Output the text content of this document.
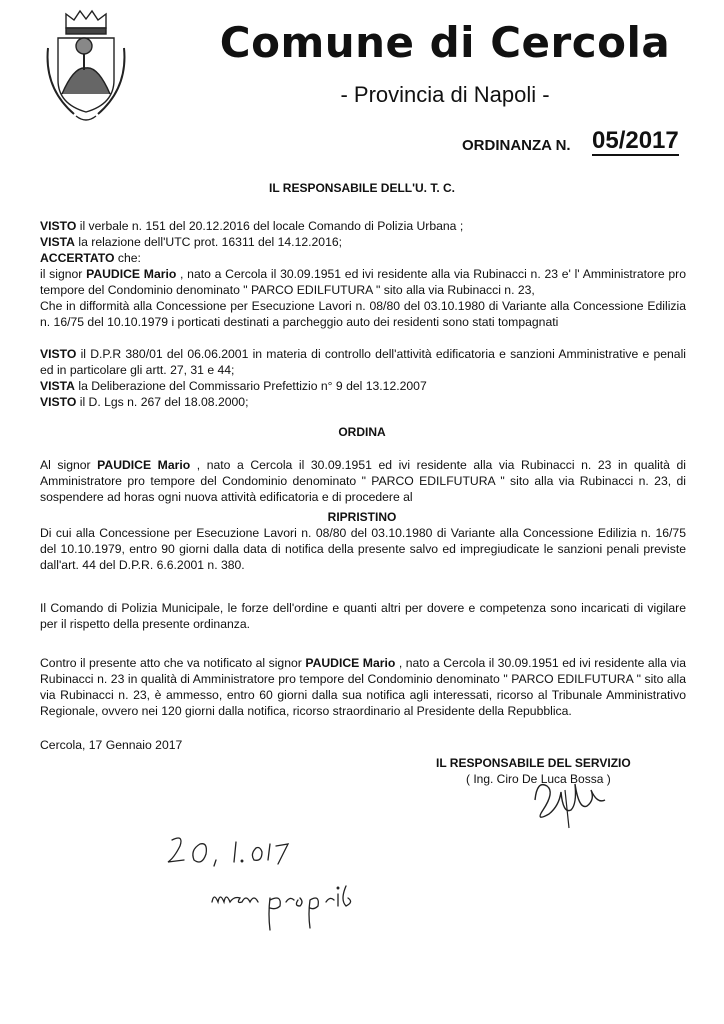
Comune di Cercola
- Provincia di Napoli -
ORDINANZA N. 05/2017
IL RESPONSABILE DELL'U. T. C.

VISTO il verbale n. 151 del 20.12.2016 del locale Comando di Polizia Urbana ;

VISTA la relazione dell'UTC prot. 16311 del 14.12.2016;

ACCERTATO che:

il signor PAUDICE Mario , nato a Cercola il 30.09.1951 ed ivi residente alla via Rubinacci n. 23 e' l' Amministratore pro tempore del Condominio denominato " PARCO EDILFUTURA " sito alla via Rubinacci n. 23,

Che in difformità alla Concessione per Esecuzione Lavori n. 08/80 del 03.10.1980 di Variante alla Concessione Edilizia n. 16/75 del 10.10.1979 i porticati destinati a parcheggio auto dei residenti sono stati tompagnati

VISTO il D.P.R 380/01 del 06.06.2001 in materia di controllo dell'attività edificatoria e sanzioni Amministrative e penali ed in particolare gli artt. 27, 31 e 44;

VISTA la Deliberazione del Commissario Prefettizio n° 9 del 13.12.2007

VISTO il D. Lgs n. 267 del 18.08.2000;

ORDINA

Al signor PAUDICE Mario , nato a Cercola il 30.09.1951 ed ivi residente alla via Rubinacci n. 23 in qualità di Amministratore pro tempore del Condominio denominato " PARCO EDILFUTURA " sito alla via Rubinacci n. 23, di sospendere ad horas ogni nuova attività edificatoria e di procedere al

RIPRISTINO
Di cui alla Concessione per Esecuzione Lavori n. 08/80 del 03.10.1980 di Variante alla Concessione Edilizia n. 16/75 del 10.10.1979, entro 90 giorni dalla data di notifica della presente salvo ed impregiudicate le sanzioni penali previste dall'art. 44 del D.P.R. 6.6.2001 n. 380.
Il Comando di Polizia Municipale, le forze dell'ordine e quanti altri per dovere e competenza sono incaricati di vigilare per il rispetto della presente ordinanza.

Contro il presente atto che va notificato al signor PAUDICE Mario , nato a Cercola il 30.09.1951 ed ivi residente alla via Rubinacci n. 23 in qualità di Amministratore pro tempore del Condominio denominato " PARCO EDILFUTURA " sito alla via Rubinacci n. 23, è ammesso, entro 60 giorni dalla sua notifica agli interessati, ricorso al Tribunale Amministrativo Regionale, ovvero nei 120 giorni dalla notifica, ricorso straordinario al Presidente della Repubblica.

Cercola, 17 Gennaio 2017
IL RESPONSABILE DEL SERVIZIO
( Ing. Ciro De Luca Bossa )
